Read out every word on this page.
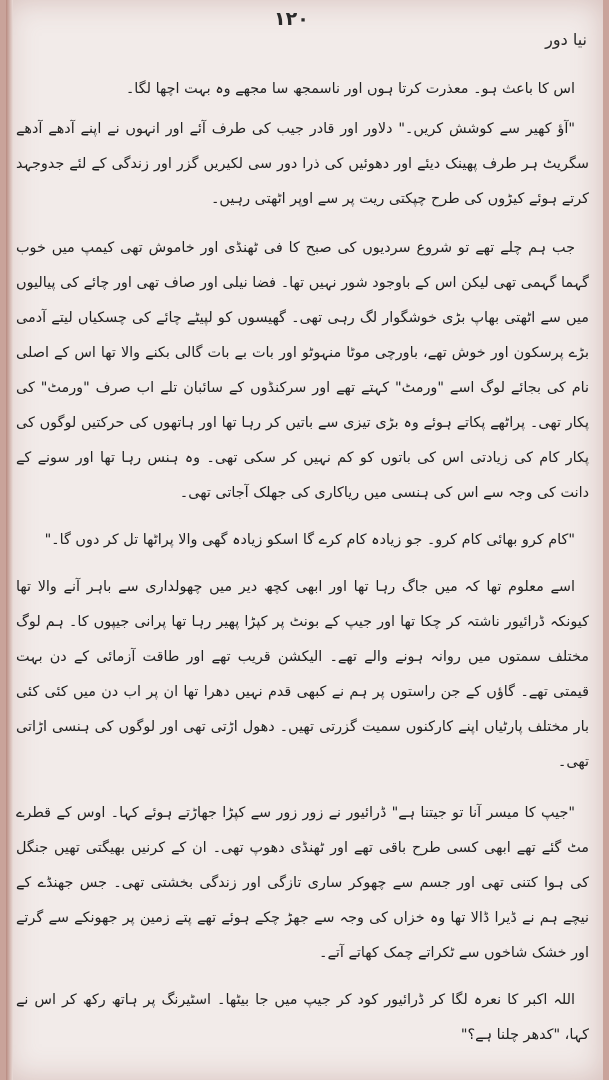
۱۲۰
نیا دور

اس کا باعث ہو۔ معذرت کرتا ہوں اور ناسمجھ سا مجھے وہ بہت اچھا لگا۔

"آؤ کھیر سے کوشش کریں۔" دلاور اور قادر جیب کی طرف آئے اور انہوں نے اپنے آدھے آدھے سگریٹ ہر طرف پھینک دیئے اور دھوئیں کی ذرا دور سی لکیریں گزر اور زندگی کے لئے جدوجہد کرتے ہوئے کیڑوں کی طرح چپکتی ریت پر سے اوپر اٹھتی رہیں۔

جب ہم چلے تھے تو شروع سردیوں کی صبح کا فی ٹھنڈی اور خاموش تھی کیمپ میں خوب گہما گہمی تھی لیکن اس کے باوجود شور نہیں تھا۔ فضا نیلی اور صاف تھی اور چائے کی پیالیوں میں سے اٹھتی بھاپ بڑی خوشگوار لگ رہی تھی۔ گھیسوں کو لپیٹے چائے کی چسکیاں لیتے آدمی بڑے پرسکون اور خوش تھے، باورچی موٹا منہوٹو اور بات بے بات گالی بکنے والا تھا اس کے اصلی نام کی بجائے لوگ اسے "ورمٹ" کہتے تھے اور سرکنڈوں کے سائبان تلے اب صرف "ورمٹ" کی پکار تھی۔ پراٹھے پکاتے ہوئے وہ بڑی تیزی سے باتیں کر رہا تھا اور ہاتھوں کی حرکتیں لوگوں کی پکار کام کی زیادتی اس کی باتوں کو کم نہیں کر سکی تھی۔ وہ ہنس رہا تھا اور سونے کے دانت کی وجہ سے اس کی ہنسی میں ریاکاری کی جھلک آجاتی تھی۔

"کام کرو بھائی کام کرو۔ جو زیادہ کام کرے گا اسکو زیادہ گھی والا پراٹھا تل کر دوں گا۔"

اسے معلوم تھا کہ میں جاگ رہا تھا اور ابھی کچھ دیر میں چھولداری سے باہر آنے والا تھا کیونکہ ڈرائیور ناشتہ کر چکا تھا اور جیپ کے بونٹ پر کپڑا پھیر رہا تھا پرانی جیپوں کا۔ ہم لوگ مختلف سمتوں میں روانہ ہونے والے تھے۔ الیکشن قریب تھے اور طاقت آزمائی کے دن بہت قیمتی تھے۔ گاؤں کے جن راستوں پر ہم نے کبھی قدم نہیں دھرا تھا ان پر اب دن میں کئی کئی بار مختلف پارٹیاں اپنے کارکنوں سمیت گزرتی تھیں۔ دھول اڑتی تھی اور لوگوں کی ہنسی اڑاتی تھی۔

"جیپ کا میسر آنا تو جیتنا ہے" ڈرائیور نے زور زور سے کپڑا جھاڑتے ہوئے کہا۔ اوس کے قطرے مٹ گئے تھے ابھی کسی طرح باقی تھے اور ٹھنڈی دھوپ تھی۔ ان کے کرنیں بھیگتی تھیں جنگل کی ہوا کتنی تھی اور جسم سے چھوکر ساری تازگی اور زندگی بخشتی تھی۔ جس جھنڈے کے نیچے ہم نے ڈیرا ڈالا تھا وہ خزاں کی وجہ سے جھڑ چکے ہوئے تھے پتے زمین پر جھونکے سے گرتے اور خشک شاخوں سے ٹکراتے چمک کھاتے آتے۔

اللہ اکبر کا نعرہ لگا کر ڈرائیور کود کر جیپ میں جا بیٹھا۔ اسٹیرنگ پر ہاتھ رکھ کر اس نے کہا، "کدھر چلنا ہے؟"
